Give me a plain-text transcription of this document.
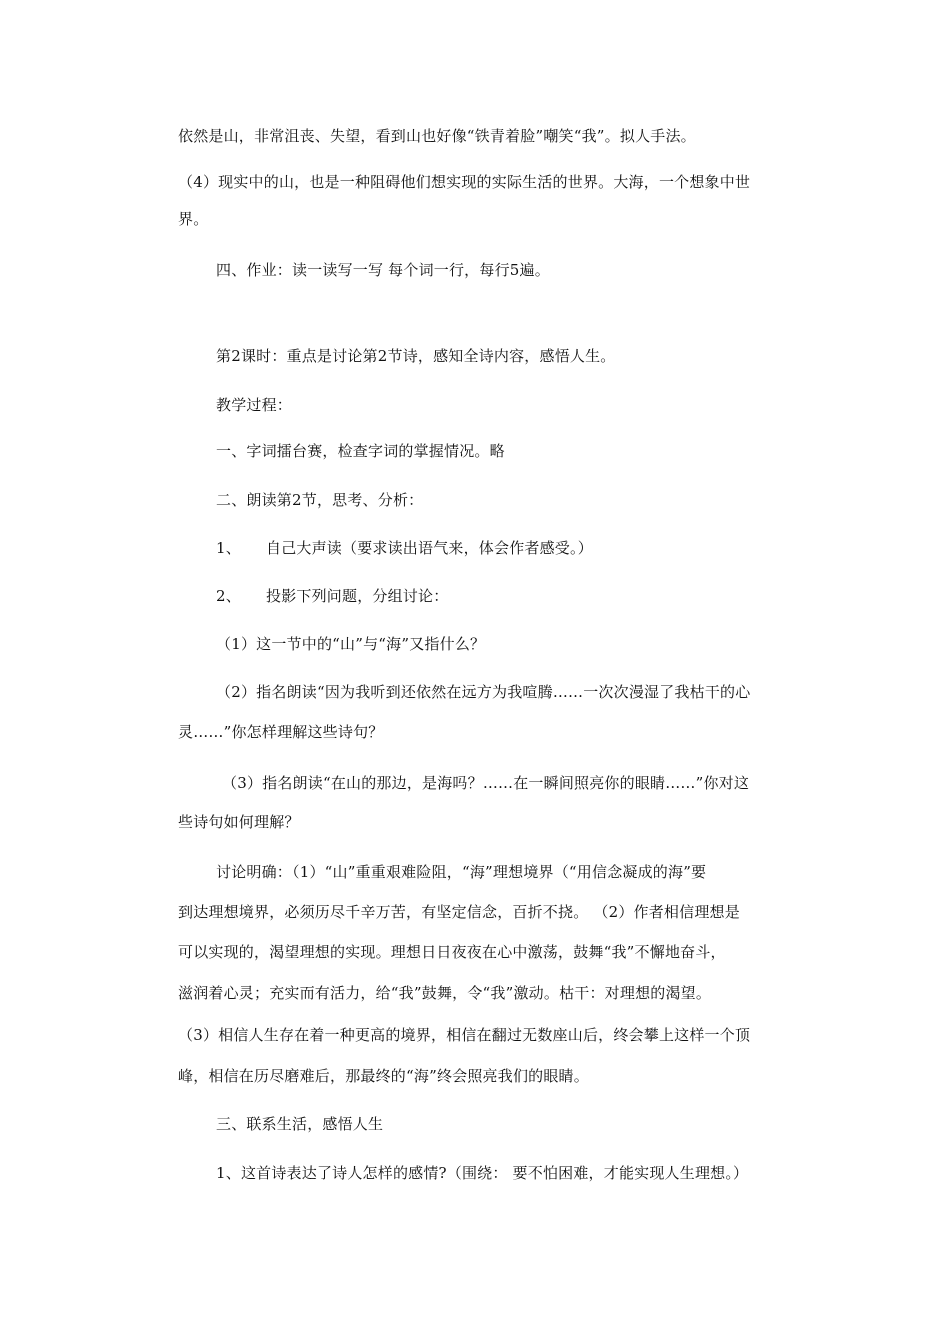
依然是山，非常沮丧、失望，看到山也好像“铁青着脸”嘲笑“我”。拟人手法。
（4）现实中的山，也是一种阻碍他们想实现的实际生活的世界。大海，一个想象中世
界。
四、作业：读一读写一写 每个词一行，每行5遍。
第2课时：重点是讨论第2节诗，感知全诗内容，感悟人生。
教学过程：
一、字词擂台赛，检查字词的掌握情况。略
二、朗读第2节，思考、分析：
1、 自己大声读（要求读出语气来，体会作者感受。）
2、 投影下列问题，分组讨论：
（1）这一节中的“山”与“海”又指什么？
（2）指名朗读“因为我听到还依然在远方为我喧腾……一次次漫湿了我枯干的心
灵……”你怎样理解这些诗句？
（3）指名朗读“在山的那边，是海吗？……在一瞬间照亮你的眼睛……”你对这
些诗句如何理解？
讨论明确：（1）“山”重重艰难险阻，“海”理想境界（“用信念凝成的海”要
到达理想境界，必须历尽千辛万苦，有坚定信念，百折不挠。 （2）作者相信理想是
可以实现的，渴望理想的实现。理想日日夜夜在心中激荡，鼓舞“我”不懈地奋斗，
滋润着心灵；充实而有活力，给“我”鼓舞，令“我”激动。枯干：对理想的渴望。
（3）相信人生存在着一种更高的境界，相信在翻过无数座山后，终会攀上这样一个顶
峰，相信在历尽磨难后，那最终的“海”终会照亮我们的眼睛。
三、联系生活，感悟人生
1、这首诗表达了诗人怎样的感情?（围绕： 要不怕困难，才能实现人生理想。）
